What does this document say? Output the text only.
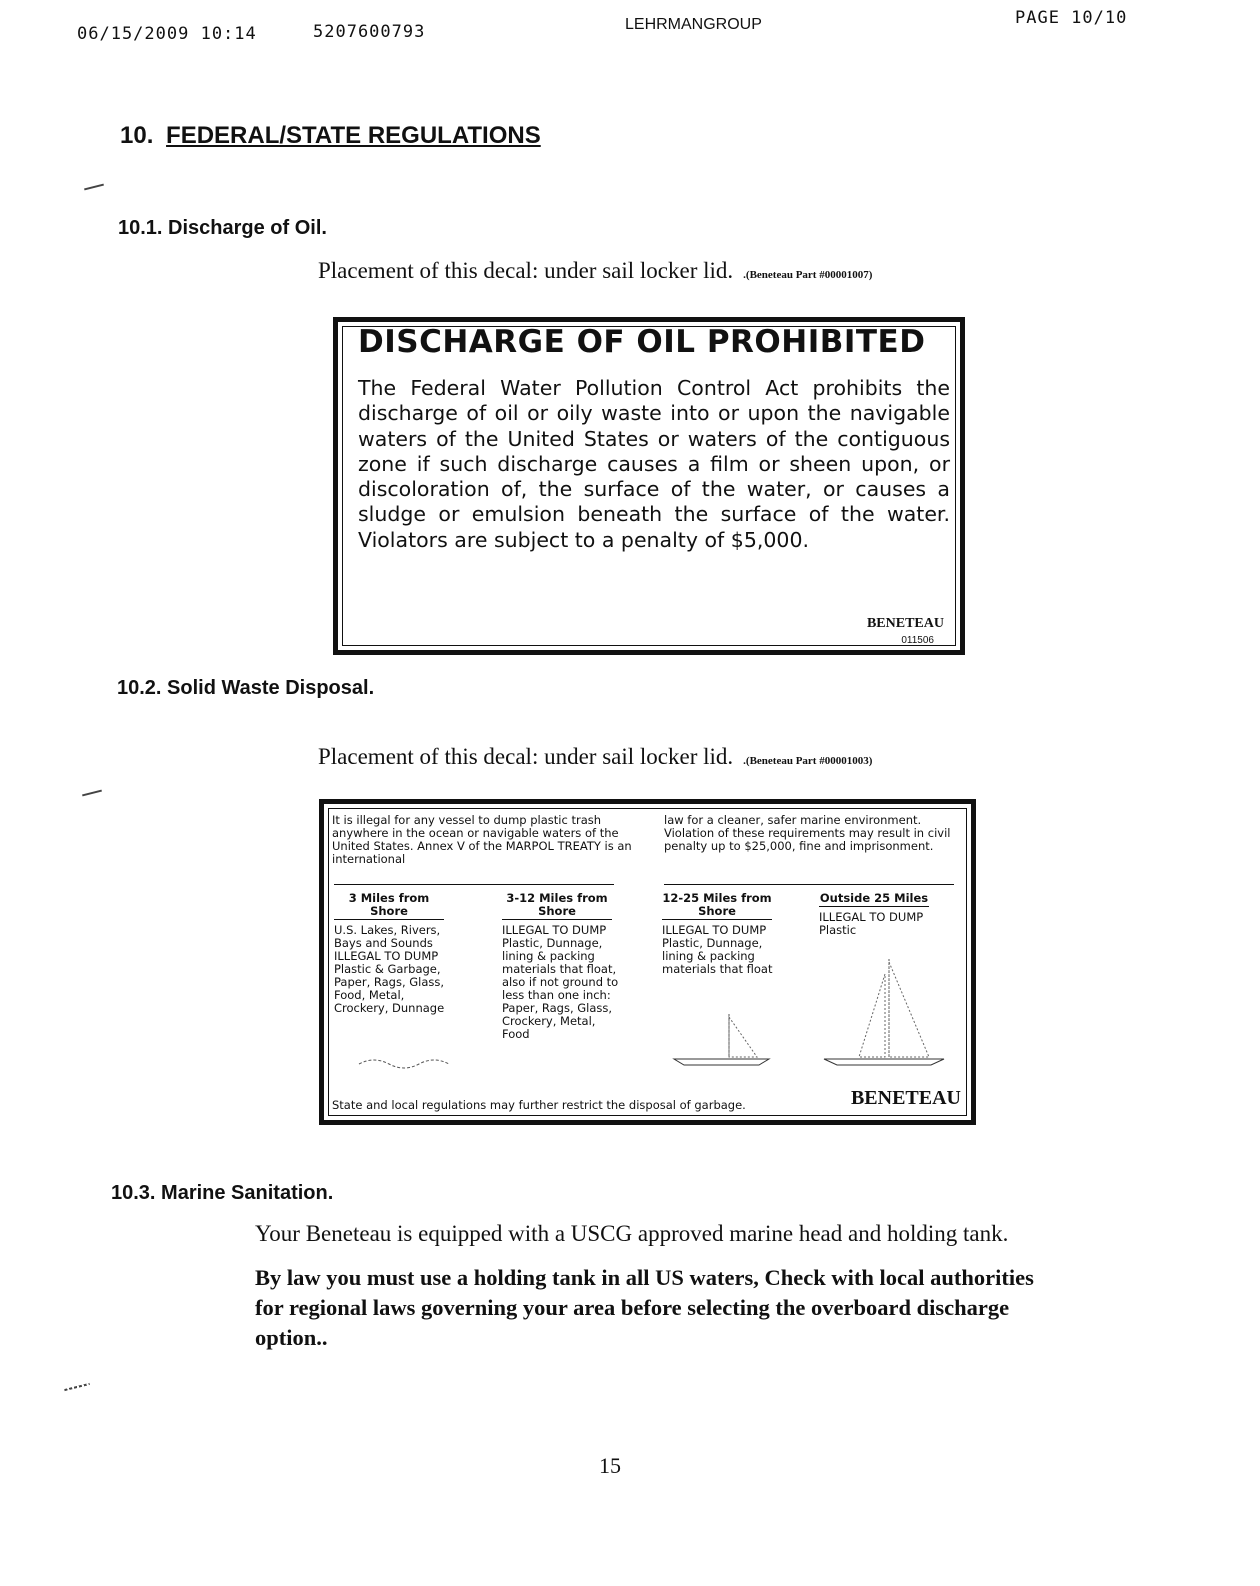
06/15/2009 10:14	5207600793	LEHRMANGROUP	PAGE 10/10
10. FEDERAL/STATE REGULATIONS
10.1. Discharge of Oil.
Placement of this decal: under sail locker lid. .(Beneteau Part #00001007)
DISCHARGE OF OIL PROHIBITED
The Federal Water Pollution Control Act prohibits the discharge of oil or oily waste into or upon the navigable waters of the United States or waters of the contiguous zone if such discharge causes a film or sheen upon, or discoloration of, the surface of the water, or causes a sludge or emulsion beneath the surface of the water. Violators are subject to a penalty of $5,000.
BENETEAU
011506
10.2. Solid Waste Disposal.
Placement of this decal: under sail locker lid. .(Beneteau Part #00001003)
It is illegal for any vessel to dump plastic trash anywhere in the ocean or navigable waters of the United States. Annex V of the MARPOL TREATY is an international
law for a cleaner, safer marine environment. Violation of these requirements may result in civil penalty up to $25,000, fine and imprisonment.
3 Miles from Shore
U.S. Lakes, Rivers, Bays and Sounds ILLEGAL TO DUMP Plastic & Garbage, Paper, Rags, Glass, Food, Metal, Crockery, Dunnage
3-12 Miles from Shore
ILLEGAL TO DUMP Plastic, Dunnage, lining & packing materials that float, also if not ground to less than one inch: Paper, Rags, Glass, Crockery, Metal, Food
12-25 Miles from Shore
ILLEGAL TO DUMP Plastic, Dunnage, lining & packing materials that float
Outside 25 Miles
ILLEGAL TO DUMP Plastic
State and local regulations may further restrict the disposal of garbage.	BENETEAU
10.3. Marine Sanitation.
Your Beneteau is equipped with a USCG approved marine head and holding tank.
By law you must use a holding tank in all US waters, Check with local authorities for regional laws governing your area before selecting the overboard discharge option..
15
